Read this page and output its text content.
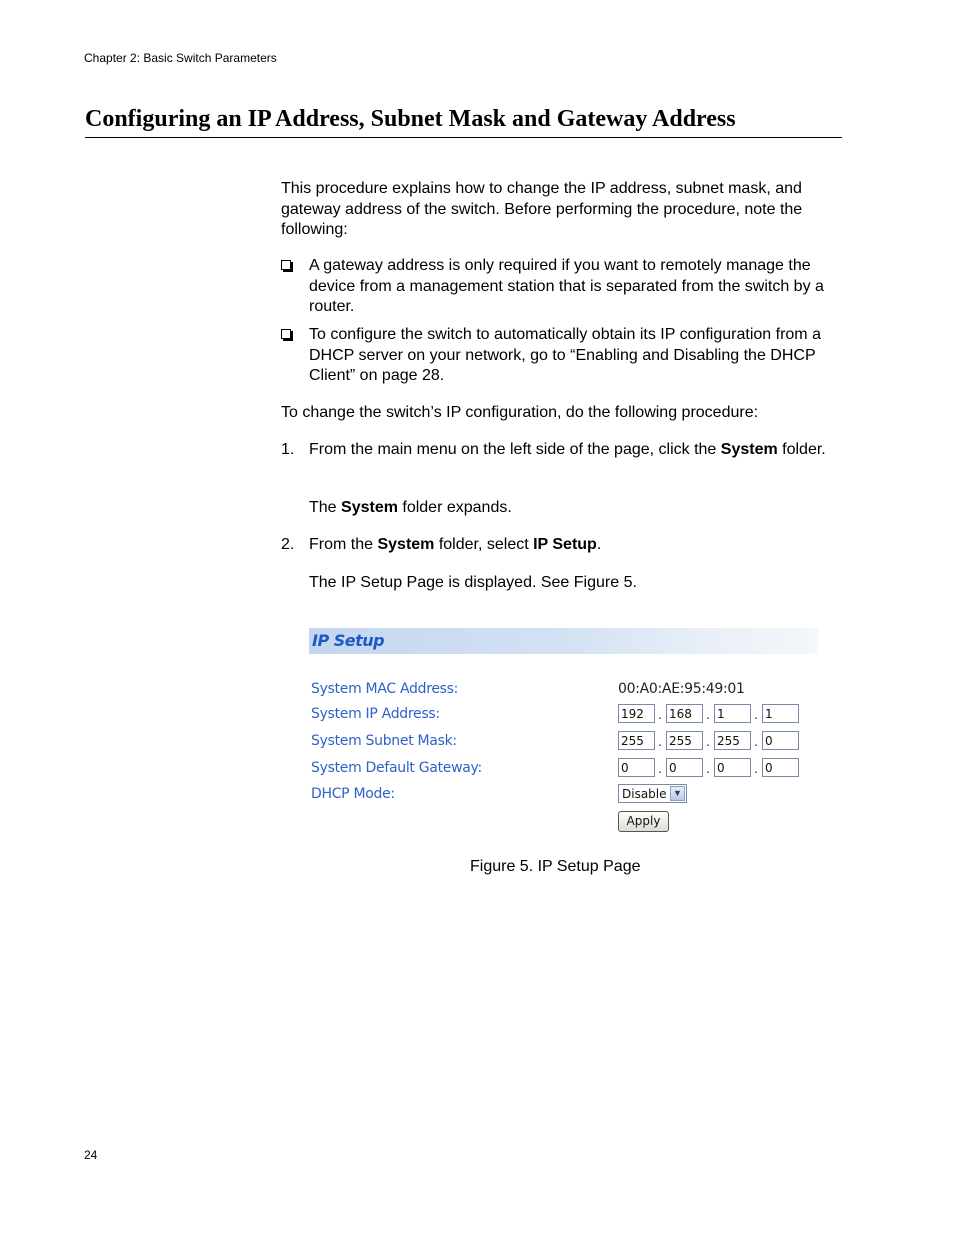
Chapter 2: Basic Switch Parameters
Configuring an IP Address, Subnet Mask and Gateway Address
This procedure explains how to change the IP address, subnet mask, and gateway address of the switch. Before performing the procedure, note the following:
A gateway address is only required if you want to remotely manage the device from a management station that is separated from the switch by a router.
To configure the switch to automatically obtain its IP configuration from a DHCP server on your network, go to “Enabling and Disabling the DHCP Client” on page 28.
To change the switch’s IP configuration, do the following procedure:
1. From the main menu on the left side of the page, click the System folder.
The System folder expands.
2. From the System folder, select IP Setup.
The IP Setup Page is displayed. See Figure 5.
IP Setup
System MAC Address:	00:A0:AE:95:49:01
System IP Address:	192	. 168	. 1	. 1
System Subnet Mask:	255	. 255	. 255	. 0
System Default Gateway:	0	. 0	. 0	. 0
DHCP Mode:	Disable ▼
Apply
Figure 5. IP Setup Page
24
